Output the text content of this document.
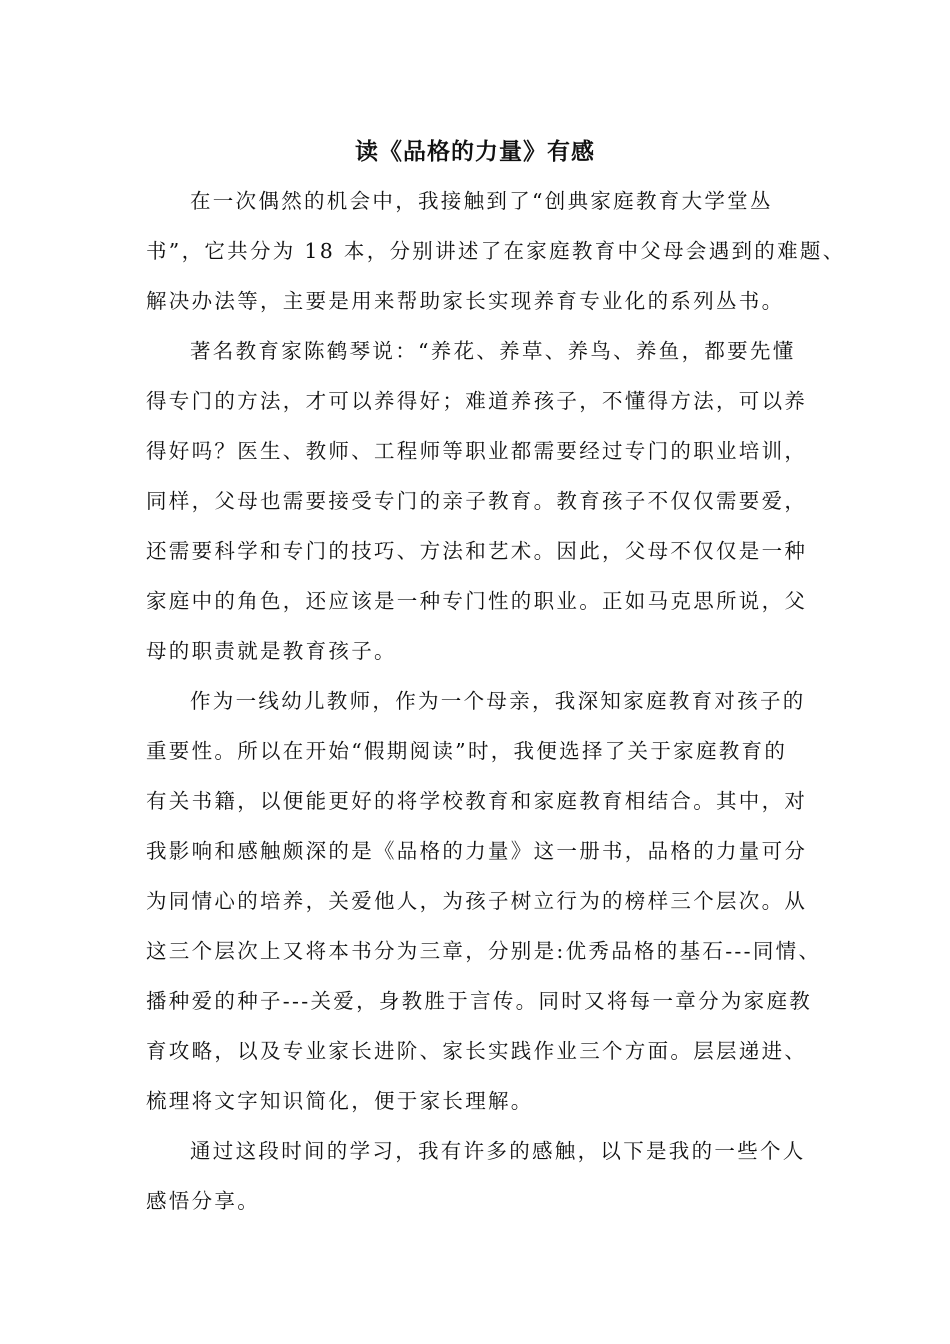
读《品格的力量》有感
在一次偶然的机会中，我接触到了“创典家庭教育大学堂丛
书”，它共分为 18 本，分别讲述了在家庭教育中父母会遇到的难题、
解决办法等，主要是用来帮助家长实现养育专业化的系列丛书。
著名教育家陈鹤琴说：“养花、养草、养鸟、养鱼，都要先懂
得专门的方法，才可以养得好；难道养孩子，不懂得方法，可以养
得好吗？医生、教师、工程师等职业都需要经过专门的职业培训，
同样，父母也需要接受专门的亲子教育。教育孩子不仅仅需要爱，
还需要科学和专门的技巧、方法和艺术。因此，父母不仅仅是一种
家庭中的角色，还应该是一种专门性的职业。正如马克思所说，父
母的职责就是教育孩子。
作为一线幼儿教师，作为一个母亲，我深知家庭教育对孩子的
重要性。所以在开始“假期阅读”时，我便选择了关于家庭教育的
有关书籍，以便能更好的将学校教育和家庭教育相结合。其中，对
我影响和感触颇深的是《品格的力量》这一册书，品格的力量可分
为同情心的培养，关爱他人，为孩子树立行为的榜样三个层次。从
这三个层次上又将本书分为三章，分别是:优秀品格的基石---同情、
播种爱的种子---关爱，身教胜于言传。同时又将每一章分为家庭教
育攻略，以及专业家长进阶、家长实践作业三个方面。层层递进、
梳理将文字知识简化，便于家长理解。
通过这段时间的学习，我有许多的感触，以下是我的一些个人
感悟分享。
